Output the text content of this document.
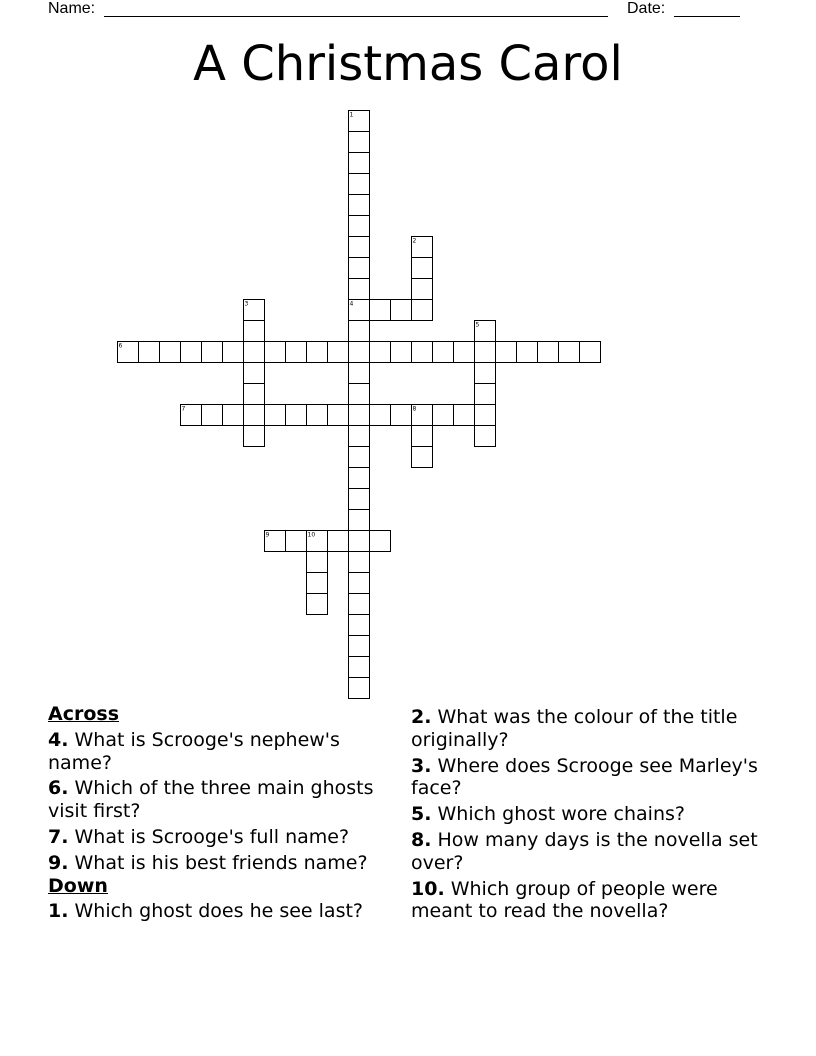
Name:	Date:
A Christmas Carol
1
4
2
3
5
6
7	8
9	10
Across
4. What is Scrooge's nephew's name?
6. Which of the three main ghosts visit first?
7. What is Scrooge's full name?
9. What is his best friends name?
Down
1. Which ghost does he see last?
2. What was the colour of the title originally?
3. Where does Scrooge see Marley's face?
5. Which ghost wore chains?
8. How many days is the novella set over?
10. Which group of people were meant to read the novella?
